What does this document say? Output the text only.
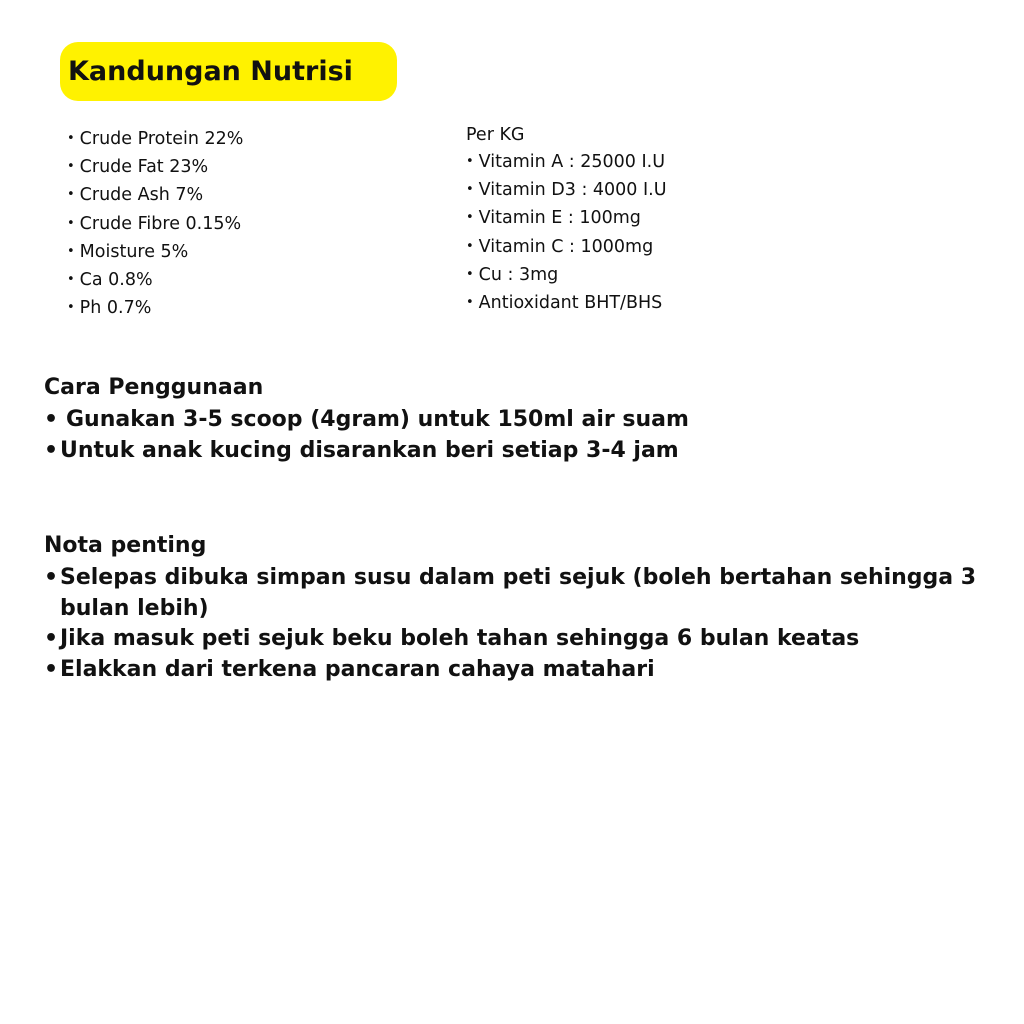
Kandungan Nutrisi
• Crude Protein 22%
• Crude Fat 23%
• Crude Ash 7%
• Crude Fibre 0.15%
• Moisture 5%
• Ca 0.8%
• Ph 0.7%
Per KG
• Vitamin A : 25000 I.U
• Vitamin D3 : 4000 I.U
• Vitamin E : 100mg
• Vitamin C : 1000mg
• Cu : 3mg
• Antioxidant BHT/BHS
Cara Penggunaan
• Gunakan 3-5 scoop (4gram) untuk 150ml air suam
• Untuk anak kucing disarankan beri setiap 3-4 jam
Nota penting
• Selepas dibuka simpan susu dalam peti sejuk (boleh bertahan sehingga 3 bulan lebih)
• Jika masuk peti sejuk beku boleh tahan sehingga 6 bulan keatas
• Elakkan dari terkena pancaran cahaya matahari
